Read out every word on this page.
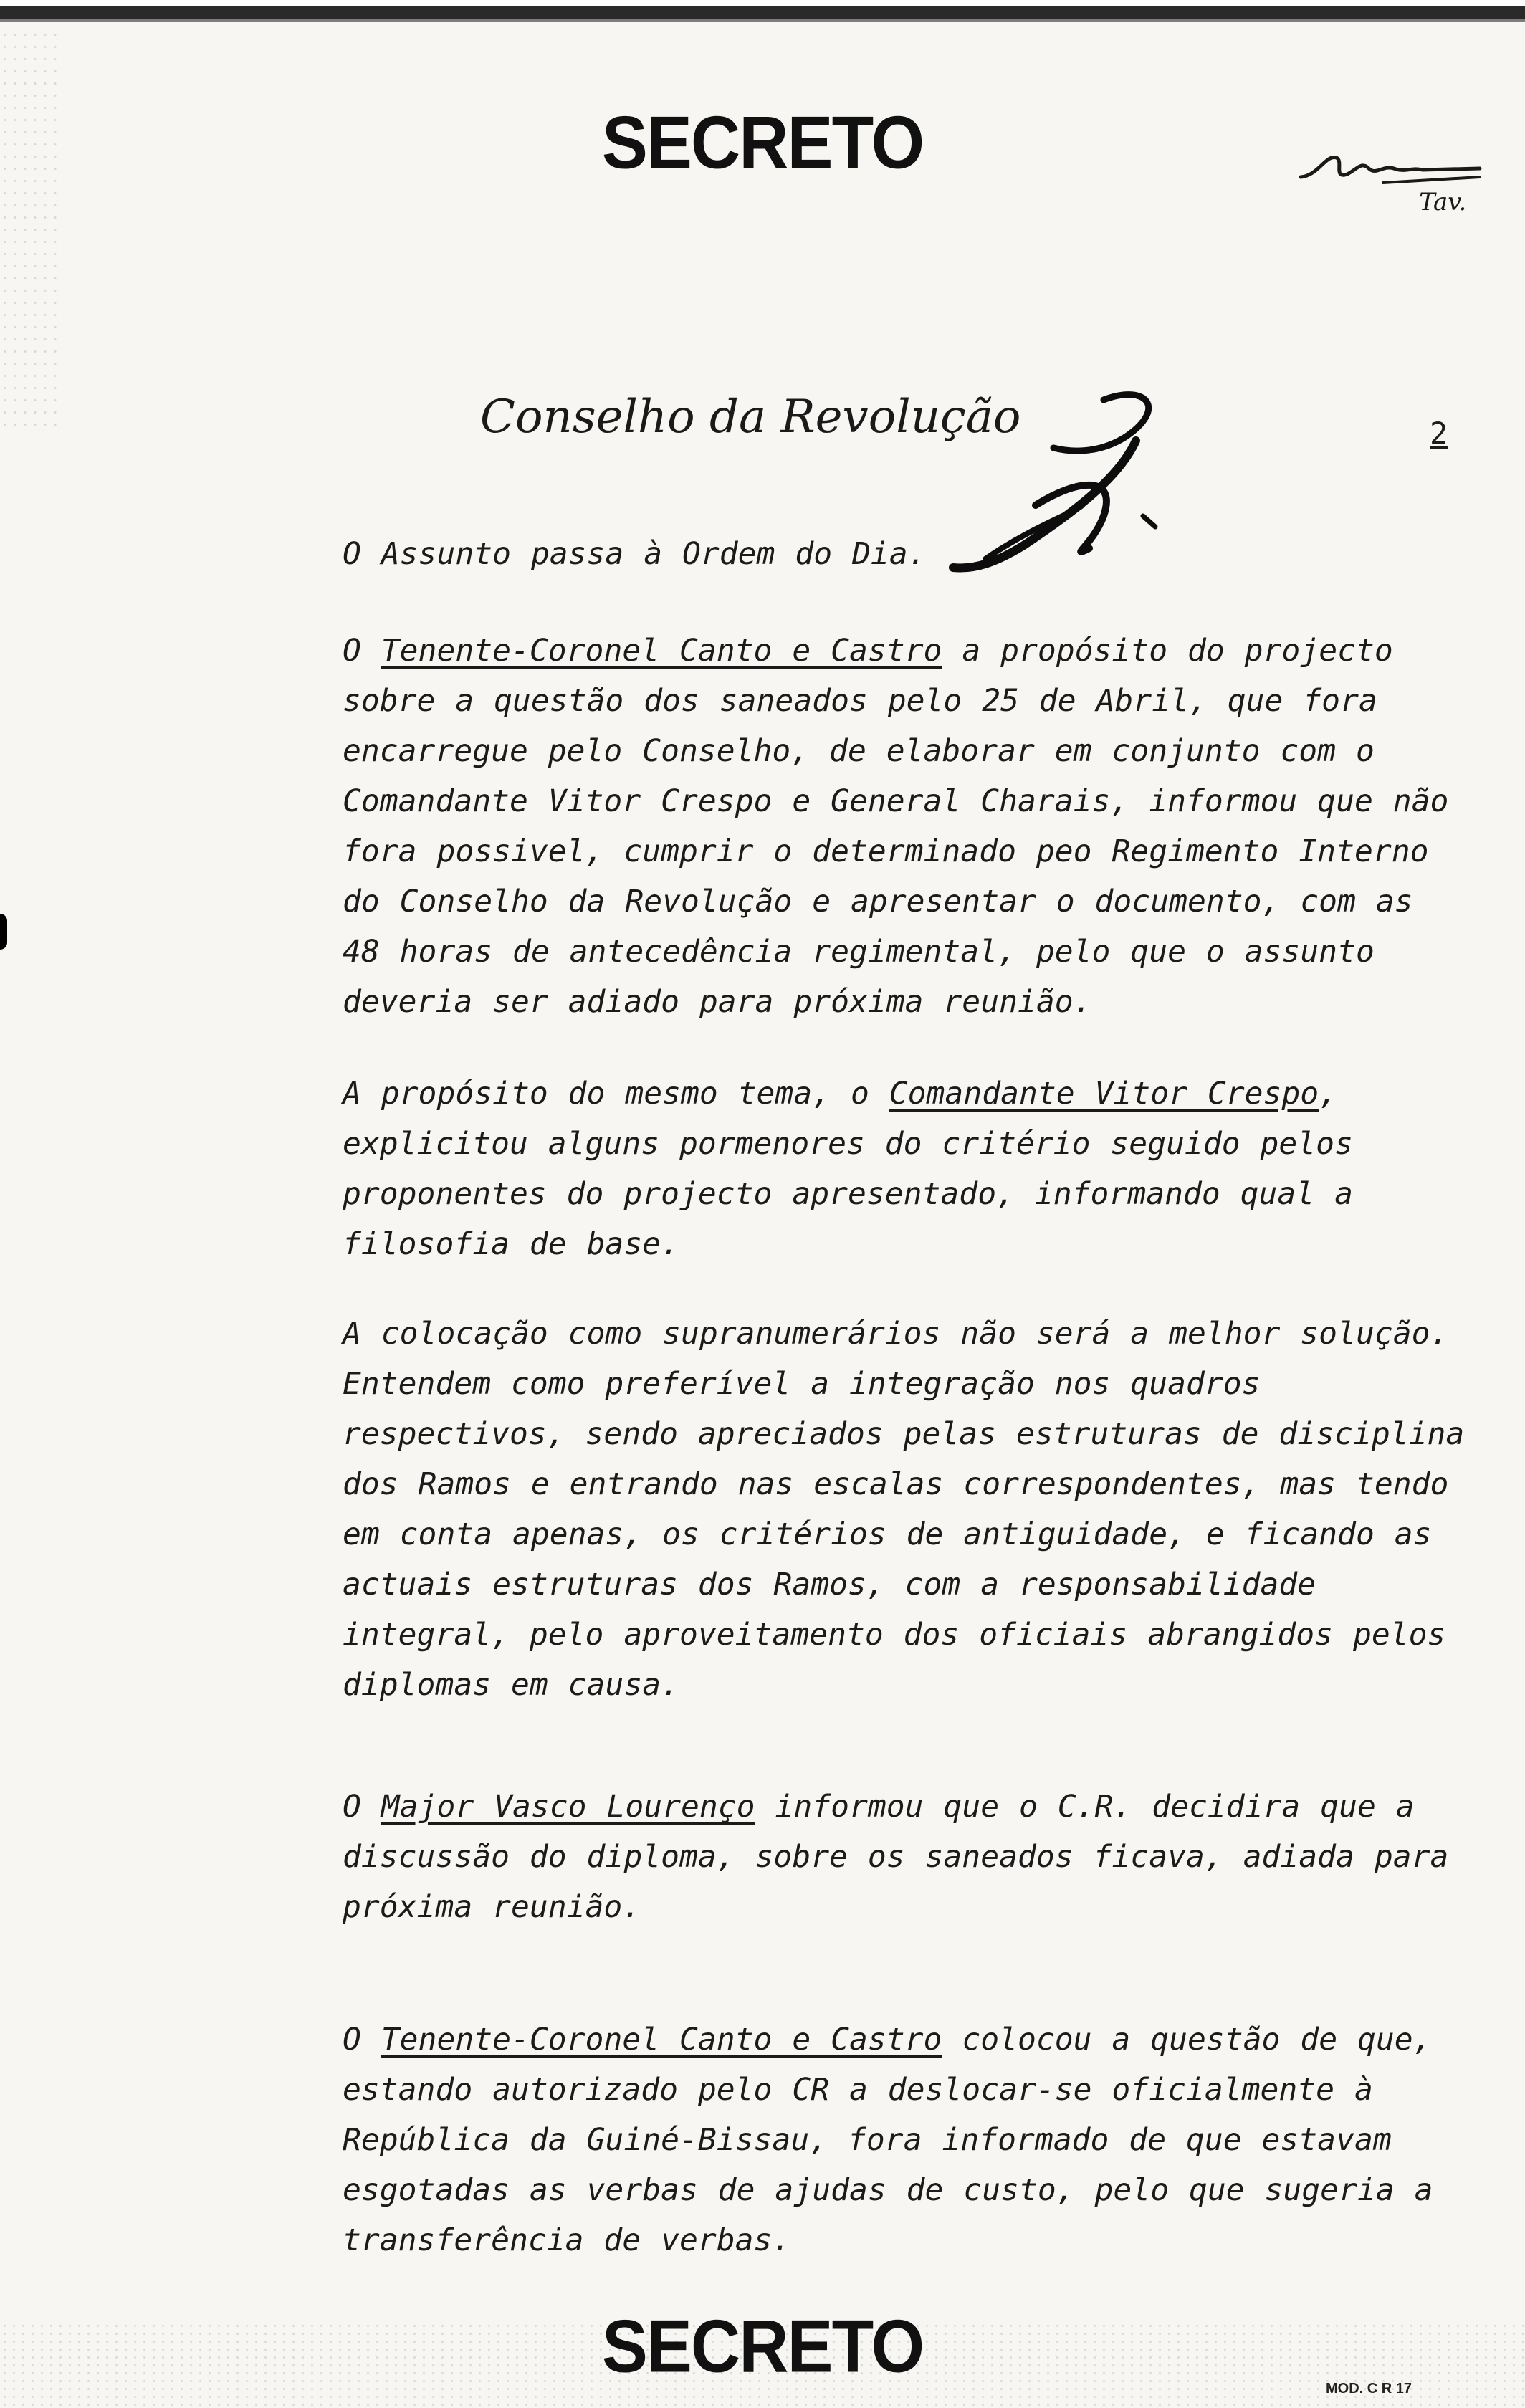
SECRETO
Tav.
Conselho da Revolução	2

O Assunto passa à Ordem do Dia.

O Tenente-Coronel Canto e Castro a propósito do projecto sobre a questão dos saneados pelo 25 de Abril, que fora encarregue pelo Conselho, de elaborar em conjunto com o Comandante Vitor Crespo e General Charais, informou que não fora possivel, cumprir o determinado peo Regimento Interno do Conselho da Revolução e apresentar o documento, com as 48 horas de antecedência regimental, pelo que o assunto deveria ser adiado para próxima reunião.

A propósito do mesmo tema, o Comandante Vitor Crespo, explicitou alguns pormenores do critério seguido pelos proponentes do projecto apresentado, informando qual a filosofia de base.

A colocação como supranumerários não será a melhor solução. Entendem como preferível a integração nos quadros respectivos, sendo apreciados pelas estruturas de disciplina dos Ramos e entrando nas escalas correspondentes, mas tendo em conta apenas, os critérios de antiguidade, e ficando as actuais estruturas dos Ramos, com a responsabilidade integral, pelo aproveitamento dos oficiais abrangidos pelos diplomas em causa.

O Major Vasco Lourenço informou que o C.R. decidira que a discussão do diploma, sobre os saneados ficava, adiada para próxima reunião.

O Tenente-Coronel Canto e Castro colocou a questão de que, estando autorizado pelo CR a deslocar-se oficialmente à República da Guiné-Bissau, fora informado de que estavam esgotadas as verbas de ajudas de custo, pelo que sugeria a transferência de verbas.

SECRETO
MOD. C R 17
